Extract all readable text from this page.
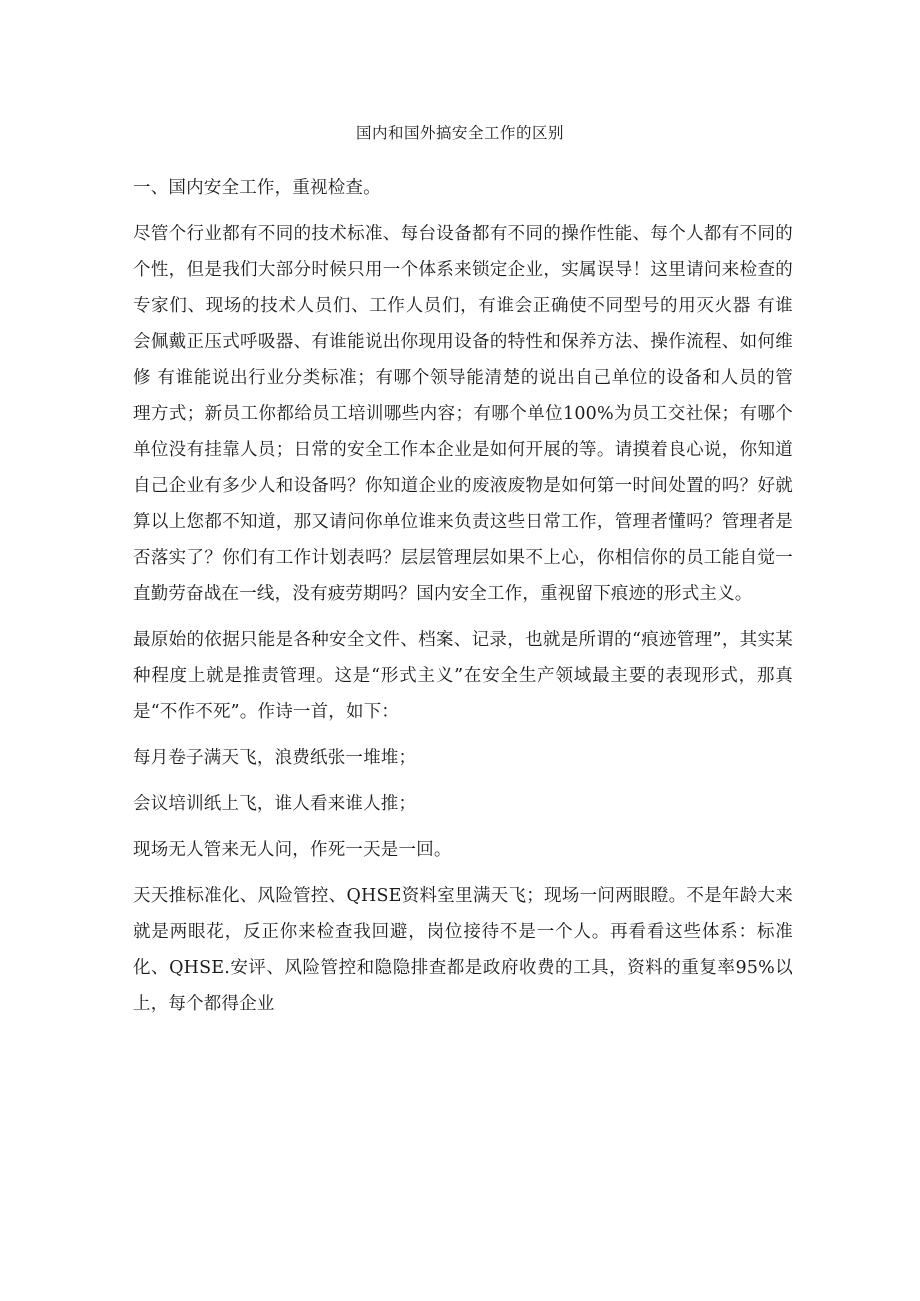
国内和国外搞安全工作的区别

一、国内安全工作，重视检查。

尽管个行业都有不同的技术标准、每台设备都有不同的操作性能、每个人都有不同的个性，但是我们大部分时候只用一个体系来锁定企业，实属误导！这里请问来检查的专家们、现场的技术人员们、工作人员们，有谁会正确使不同型号的用灭火器 有谁会佩戴正压式呼吸器、有谁能说出你现用设备的特性和保养方法、操作流程、如何维修 有谁能说出行业分类标准；有哪个领导能清楚的说出自己单位的设备和人员的管理方式；新员工你都给员工培训哪些内容；有哪个单位100%为员工交社保；有哪个单位没有挂靠人员；日常的安全工作本企业是如何开展的等。请摸着良心说，你知道自己企业有多少人和设备吗？你知道企业的废液废物是如何第一时间处置的吗？好就算以上您都不知道，那又请问你单位谁来负责这些日常工作，管理者懂吗？管理者是否落实了？你们有工作计划表吗？层层管理层如果不上心，你相信你的员工能自觉一直勤劳奋战在一线，没有疲劳期吗？国内安全工作，重视留下痕迹的形式主义。

最原始的依据只能是各种安全文件、档案、记录，也就是所谓的“痕迹管理”，其实某种程度上就是推责管理。这是“形式主义”在安全生产领域最主要的表现形式，那真是“不作不死”。作诗一首，如下：

每月卷子满天飞，浪费纸张一堆堆；

会议培训纸上飞，谁人看来谁人推；

现场无人管来无人问，作死一天是一回。

天天推标准化、风险管控、QHSE资料室里满天飞；现场一问两眼瞪。不是年龄大来就是两眼花，反正你来检查我回避，岗位接待不是一个人。再看看这些体系：标准化、QHSE.安评、风险管控和隐隐排查都是政府收费的工具，资料的重复率95%以上，每个都得企业
